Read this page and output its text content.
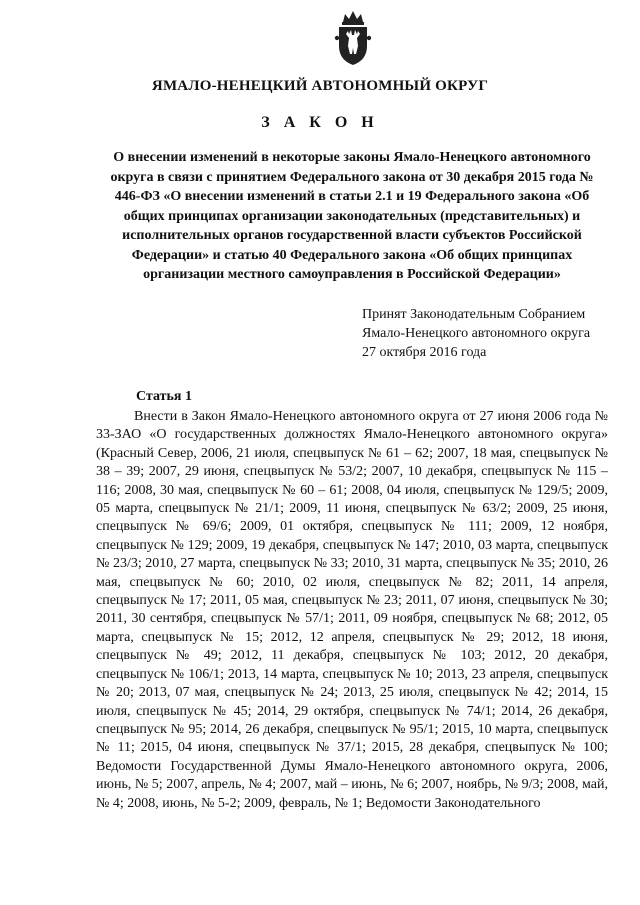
ЯМАЛО-НЕНЕЦКИЙ АВТОНОМНЫЙ ОКРУГ
З А К О Н
О внесении изменений в некоторые законы Ямало-Ненецкого автономного округа в связи с принятием Федерального закона от 30 декабря 2015 года № 446-ФЗ «О внесении изменений в статьи 2.1 и 19 Федерального закона «Об общих принципах организации законодательных (представительных) и исполнительных органов государственной власти субъектов Российской Федерации» и статью 40 Федерального закона «Об общих принципах организации местного самоуправления в Российской Федерации»
Принят Законодательным Собранием
Ямало-Ненецкого автономного округа
27 октября 2016 года
Статья 1
Внести в Закон Ямало-Ненецкого автономного округа от 27 июня 2006 года № 33-ЗАО «О государственных должностях Ямало-Ненецкого автономного округа» (Красный Север, 2006, 21 июля, спецвыпуск № 61 – 62; 2007, 18 мая, спецвыпуск № 38 – 39; 2007, 29 июня, спецвыпуск № 53/2; 2007, 10 декабря, спецвыпуск № 115 – 116; 2008, 30 мая, спецвыпуск № 60 – 61; 2008, 04 июля, спецвыпуск № 129/5; 2009, 05 марта, спецвыпуск № 21/1; 2009, 11 июня, спецвыпуск № 63/2; 2009, 25 июня, спецвыпуск № 69/6; 2009, 01 октября, спецвыпуск № 111; 2009, 12 ноября, спецвыпуск № 129; 2009, 19 декабря, спецвыпуск № 147; 2010, 03 марта, спецвыпуск № 23/3; 2010, 27 марта, спецвыпуск № 33; 2010, 31 марта, спецвыпуск № 35; 2010, 26 мая, спецвыпуск № 60; 2010, 02 июля, спецвыпуск № 82; 2011, 14 апреля, спецвыпуск № 17; 2011, 05 мая, спецвыпуск № 23; 2011, 07 июня, спецвыпуск № 30; 2011, 30 сентября, спецвыпуск № 57/1; 2011, 09 ноября, спецвыпуск № 68; 2012, 05 марта, спецвыпуск № 15; 2012, 12 апреля, спецвыпуск № 29; 2012, 18 июня, спецвыпуск № 49; 2012, 11 декабря, спецвыпуск № 103; 2012, 20 декабря, спецвыпуск № 106/1; 2013, 14 марта, спецвыпуск № 10; 2013, 23 апреля, спецвыпуск № 20; 2013, 07 мая, спецвыпуск № 24; 2013, 25 июля, спецвыпуск № 42; 2014, 15 июля, спецвыпуск № 45; 2014, 29 октября, спецвыпуск № 74/1; 2014, 26 декабря, спецвыпуск № 95; 2014, 26 декабря, спецвыпуск № 95/1; 2015, 10 марта, спецвыпуск № 11; 2015, 04 июня, спецвыпуск № 37/1; 2015, 28 декабря, спецвыпуск № 100; Ведомости Государственной Думы Ямало-Ненецкого автономного округа, 2006, июнь, № 5; 2007, апрель, № 4; 2007, май – июнь, № 6; 2007, ноябрь, № 9/3; 2008, май, № 4; 2008, июнь, № 5-2; 2009, февраль, № 1; Ведомости Законодательного
